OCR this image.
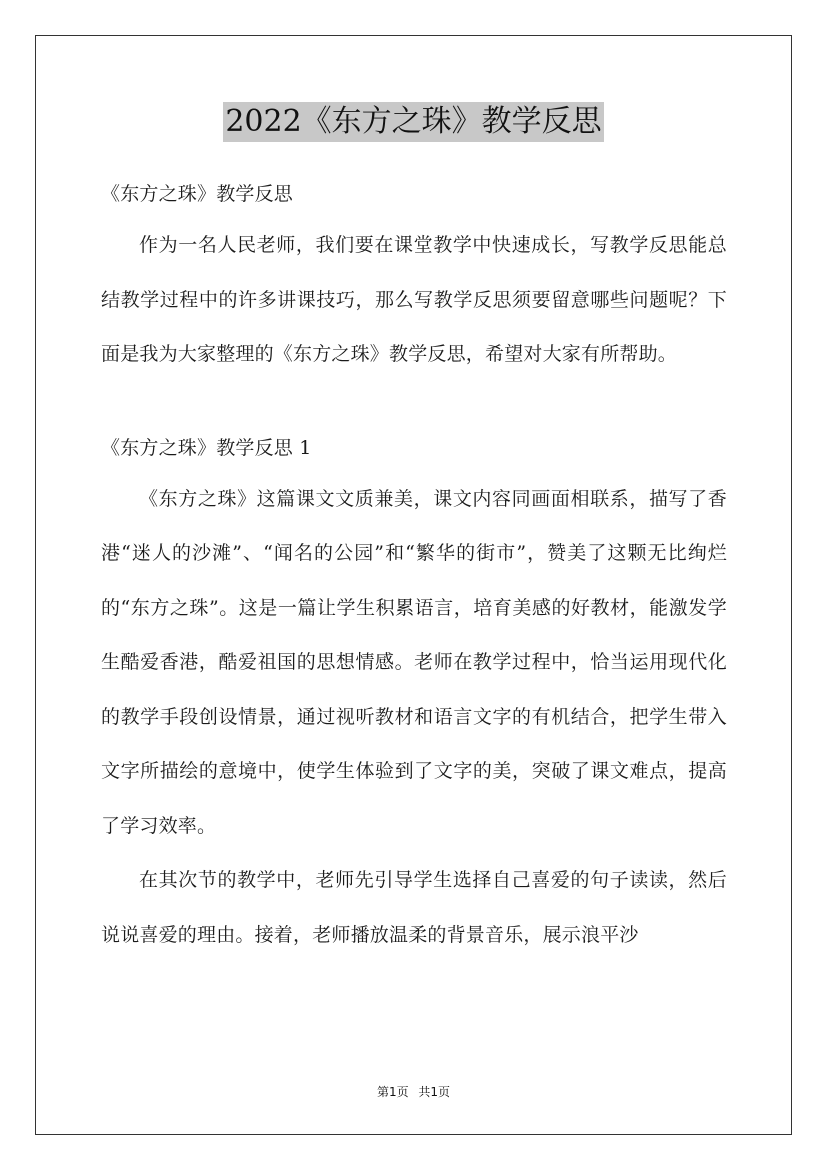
2022《东方之珠》教学反思
《东方之珠》教学反思

作为一名人民老师，我们要在课堂教学中快速成长，写教学反思能总结教学过程中的许多讲课技巧，那么写教学反思须要留意哪些问题呢？下面是我为大家整理的《东方之珠》教学反思，希望对大家有所帮助。

《东方之珠》教学反思 1

《东方之珠》这篇课文文质兼美，课文内容同画面相联系，描写了香港“迷人的沙滩”、“闻名的公园”和“繁华的街市”，赞美了这颗无比绚烂的“东方之珠”。这是一篇让学生积累语言，培育美感的好教材，能激发学生酷爱香港，酷爱祖国的思想情感。老师在教学过程中，恰当运用现代化的教学手段创设情景，通过视听教材和语言文字的有机结合，把学生带入文字所描绘的意境中，使学生体验到了文字的美，突破了课文难点，提高了学习效率。

在其次节的教学中，老师先引导学生选择自己喜爱的句子读读，然后说说喜爱的理由。接着，老师播放温柔的背景音乐，展示浪平沙

第1页 共1页
